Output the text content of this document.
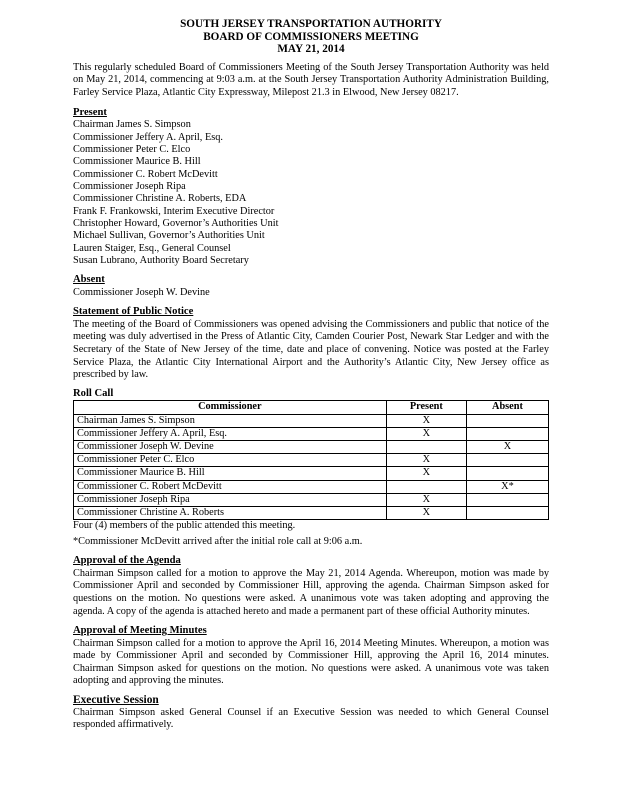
SOUTH JERSEY TRANSPORTATION AUTHORITY
BOARD OF COMMISSIONERS MEETING
MAY 21, 2014

This regularly scheduled Board of Commissioners Meeting of the South Jersey Transportation Authority was held on May 21, 2014, commencing at 9:03 a.m. at the South Jersey Transportation Authority Administration Building, Farley Service Plaza, Atlantic City Expressway, Milepost 21.3 in Elwood, New Jersey 08217.

Present
Chairman James S. Simpson
Commissioner Jeffery A. April, Esq.
Commissioner Peter C. Elco
Commissioner Maurice B. Hill
Commissioner C. Robert McDevitt
Commissioner Joseph Ripa
Commissioner Christine A. Roberts, EDA
Frank F. Frankowski, Interim Executive Director
Christopher Howard, Governor’s Authorities Unit
Michael Sullivan, Governor’s Authorities Unit
Lauren Staiger, Esq., General Counsel
Susan Lubrano, Authority Board Secretary
Absent
Commissioner Joseph W. Devine
Statement of Public Notice

The meeting of the Board of Commissioners was opened advising the Commissioners and public that notice of the meeting was duly advertised in the Press of Atlantic City, Camden Courier Post, Newark Star Ledger and with the Secretary of the State of New Jersey of the time, date and place of convening. Notice was posted at the Farley Service Plaza, the Atlantic City International Airport and the Authority’s Atlantic City, New Jersey office as prescribed by law.

Roll Call
Commissioner	Present	Absent
Chairman James S. Simpson	X	
Commissioner Jeffery A. April, Esq.	X	
Commissioner Joseph W. Devine		X
Commissioner Peter C. Elco	X	
Commissioner Maurice B. Hill	X	
Commissioner C. Robert McDevitt		X*
Commissioner Joseph Ripa	X	
Commissioner Christine A. Roberts	X	
Four (4) members of the public attended this meeting.
*Commissioner McDevitt arrived after the initial role call at 9:06 a.m.
Approval of the Agenda

Chairman Simpson called for a motion to approve the May 21, 2014 Agenda. Whereupon, motion was made by Commissioner April and seconded by Commissioner Hill, approving the agenda. Chairman Simpson asked for questions on the motion. No questions were asked. A unanimous vote was taken adopting and approving the agenda. A copy of the agenda is attached hereto and made a permanent part of these official Authority minutes.

Approval of Meeting Minutes

Chairman Simpson called for a motion to approve the April 16, 2014 Meeting Minutes. Whereupon, a motion was made by Commissioner April and seconded by Commissioner Hill, approving the April 16, 2014 minutes. Chairman Simpson asked for questions on the motion. No questions were asked. A unanimous vote was taken adopting and approving the minutes.

Executive Session

Chairman Simpson asked General Counsel if an Executive Session was needed to which General Counsel responded affirmatively.
